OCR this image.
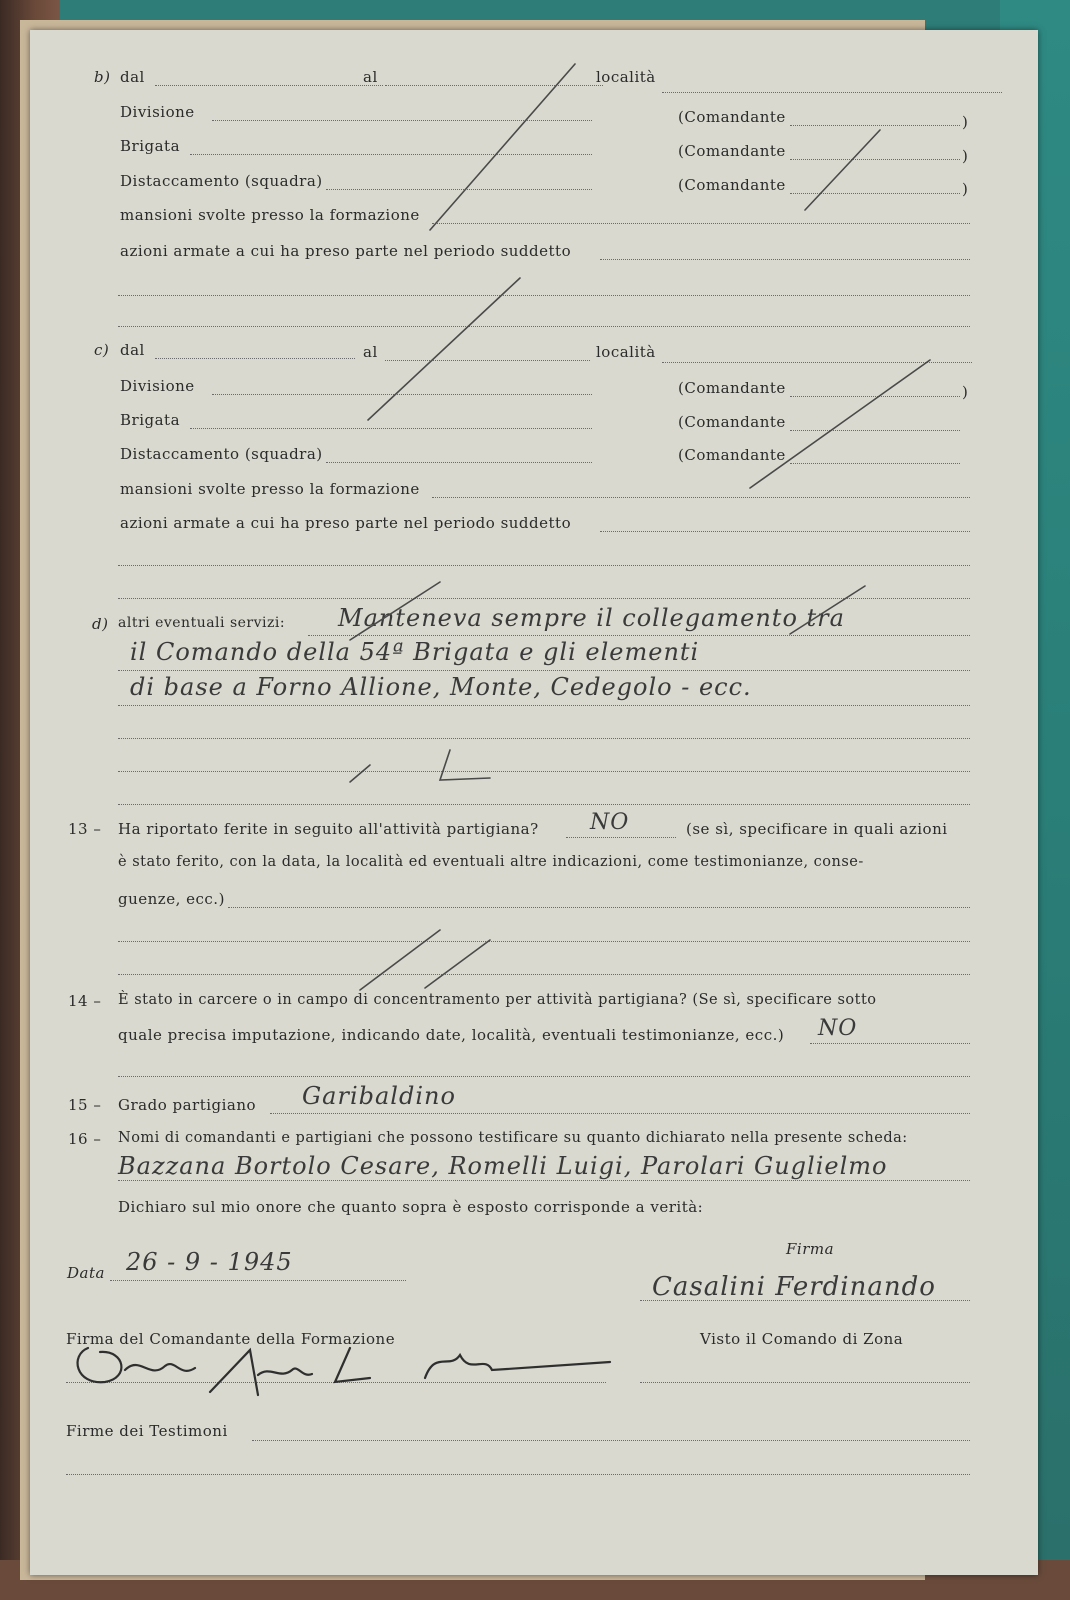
b) dal	al	località
Divisione	(Comandante	)
Brigata	(Comandante	)
Distaccamento (squadra)	(Comandante	)
mansioni svolte presso la formazione
azioni armate a cui ha preso parte nel periodo suddetto
c) dal	al	località
Divisione	(Comandante	)
Brigata	(Comandante
Distaccamento (squadra)	(Comandante
mansioni svolte presso la formazione
azioni armate a cui ha preso parte nel periodo suddetto
d) altri eventuali servizi: Manteneva sempre il collegamento tra
il Comando della 54ª Brigata e gli elementi
di base a Forno Allione, Monte, Cedegolo - ecc.
13 – Ha riportato ferite in seguito all'attività partigiana? NO	(se sì, specificare in quali azioni
è stato ferito, con la data, la località ed eventuali altre indicazioni, come testimonianze, conse-
guenze, ecc.)
14 – È stato in carcere o in campo di concentramento per attività partigiana? (Se sì, specificare sotto
quale precisa imputazione, indicando date, località, eventuali testimonianze, ecc.) NO
15 – Grado partigiano Garibaldino
16 – Nomi di comandanti e partigiani che possono testificare su quanto dichiarato nella presente scheda:
Bazzana Bortolo Cesare, Romelli Luigi, Parolari Guglielmo
Dichiaro sul mio onore che quanto sopra è esposto corrisponde a verità:
Firma
Data 26 - 9 - 1945
Casalini Ferdinando
Firma del Comandante della Formazione	Visto il Comando di Zona
Firme dei Testimoni
